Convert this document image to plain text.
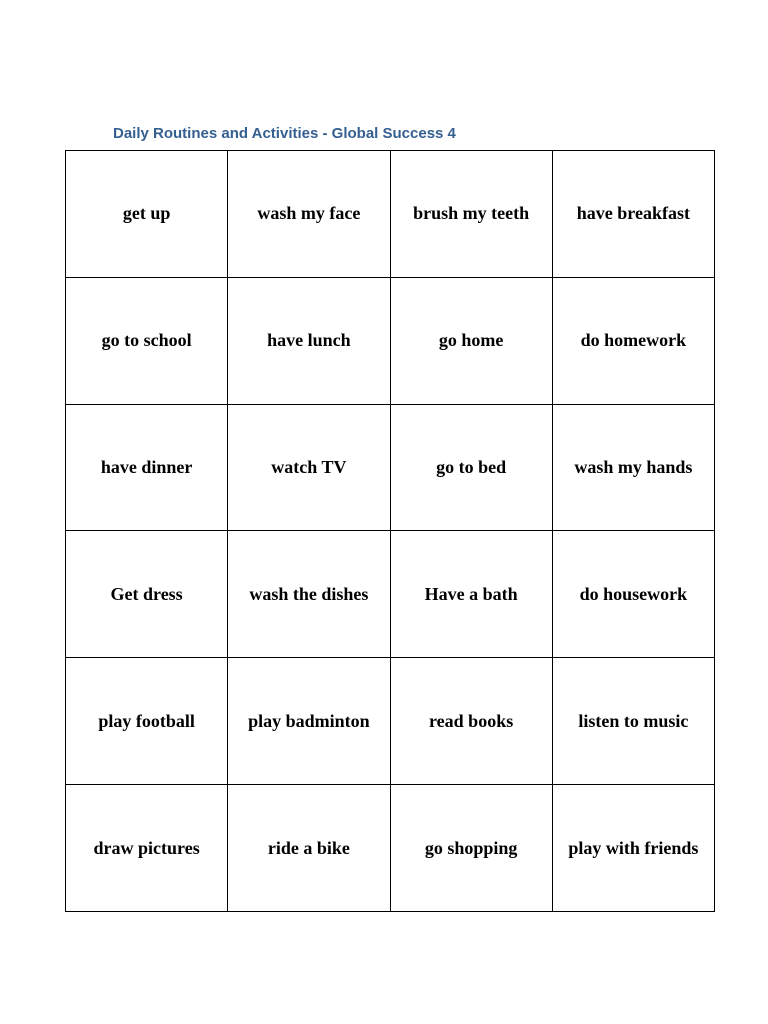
Daily Routines and Activities - Global Success 4
get up	wash my face	brush my teeth	have breakfast
go to school	have lunch	go home	do homework
have dinner	watch TV	go to bed	wash my hands
Get dress	wash the dishes	Have a bath	do housework
play football	play badminton	read books	listen to music
draw pictures	ride a bike	go shopping	play with friends
